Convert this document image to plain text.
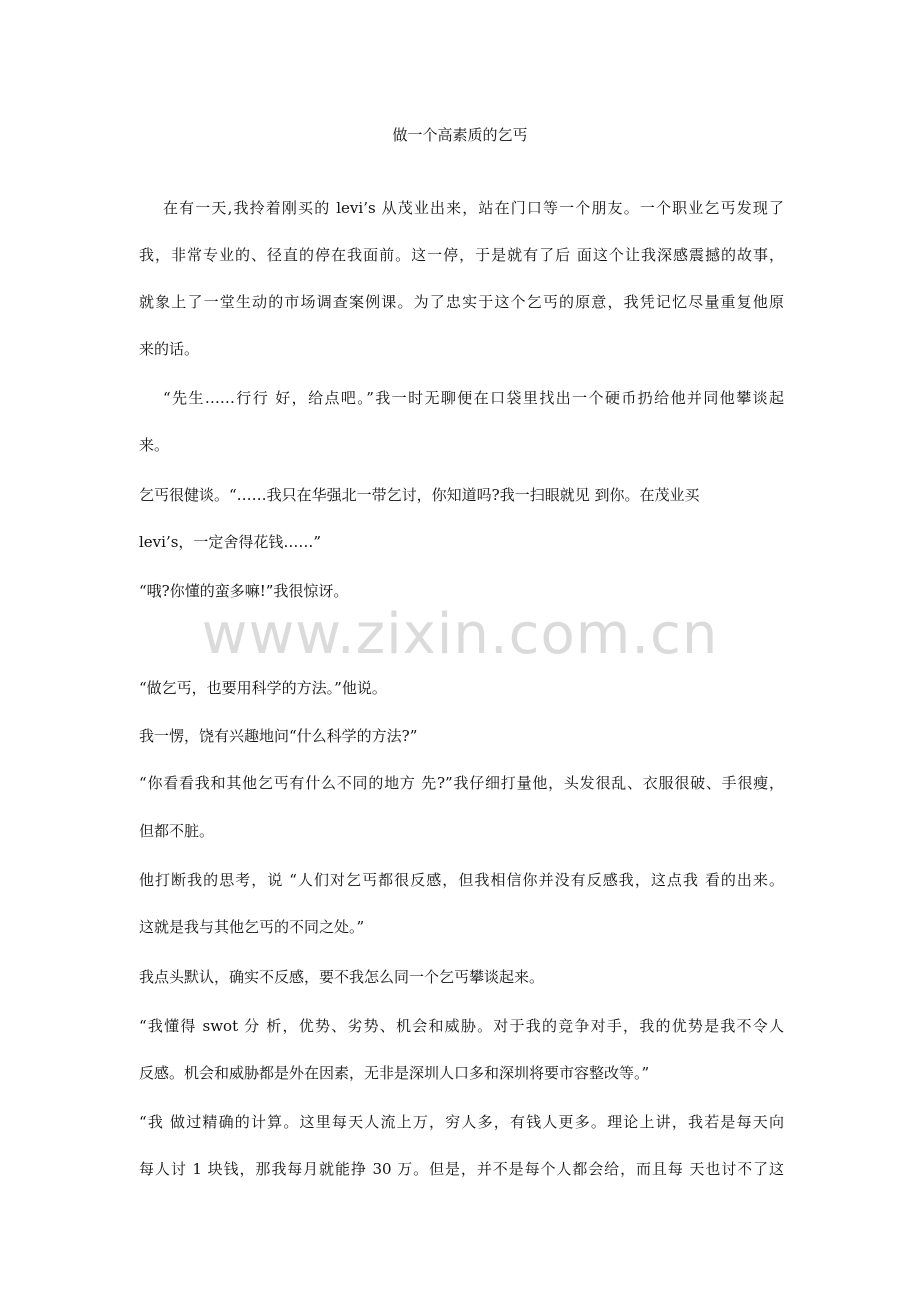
做一个高素质的乞丐
在有一天,我拎着刚买的 levi’s 从茂业出来，站在门口等一个朋友。一个职业乞丐发现了
我，非常专业的、径直的停在我面前。这一停，于是就有了后 面这个让我深感震撼的故事，
就象上了一堂生动的市场调查案例课。为了忠实于这个乞丐的原意，我凭记忆尽量重复他原
来的话。
“先生……行行 好，给点吧。”我一时无聊便在口袋里找出一个硬币扔给他并同他攀谈起
来。
乞丐很健谈。“……我只在华强北一带乞讨，你知道吗?我一扫眼就见 到你。在茂业买
levi’s，一定舍得花钱……”
“哦?你懂的蛮多嘛!”我很惊讶。
www.zixin.com.cn
“做乞丐，也要用科学的方法。”他说。
我一愣，饶有兴趣地问“什么科学的方法?”
“你看看我和其他乞丐有什么不同的地方 先?”我仔细打量他，头发很乱、衣服很破、手很瘦，
但都不脏。
他打断我的思考，说 “人们对乞丐都很反感，但我相信你并没有反感我，这点我 看的出来。
这就是我与其他乞丐的不同之处。”
我点头默认，确实不反感，要不我怎么同一个乞丐攀谈起来。
“我懂得 swot 分 析，优势、劣势、机会和威胁。对于我的竞争对手，我的优势是我不令人
反感。机会和威胁都是外在因素，无非是深圳人口多和深圳将要市容整改等。”
“我 做过精确的计算。这里每天人流上万，穷人多，有钱人更多。理论上讲，我若是每天向
每人讨 1 块钱，那我每月就能挣 30 万。但是，并不是每个人都会给，而且每 天也讨不了这
